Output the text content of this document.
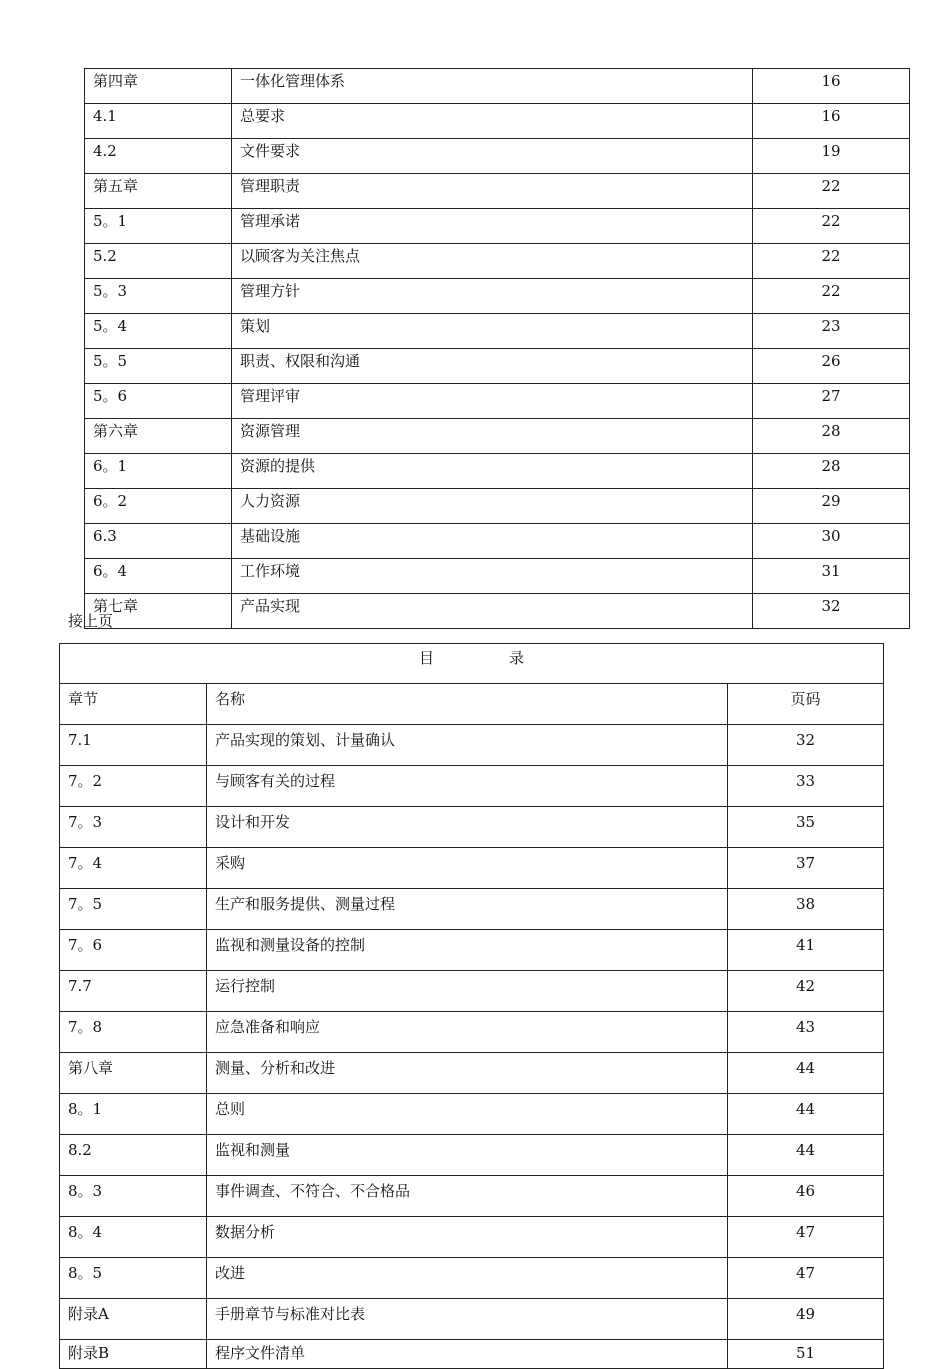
第四章	一体化管理体系	16
4.1	总要求	16
4.2	文件要求	19
第五章	管理职责	22
5。1	管理承诺	22
5.2	以顾客为关注焦点	22
5。3	管理方针	22
5。4	策划	23
5。5	职责、权限和沟通	26
5。6	管理评审	27
第六章	资源管理	28
6。1	资源的提供	28
6。2	人力资源	29
6.3	基础设施	30
6。4	工作环境	31
第七章	产品实现	32
接上页
目　　　　　录		
章节	名称	页码
7.1	产品实现的策划、计量确认	32
7。2	与顾客有关的过程	33
7。3	设计和开发	35
7。4	采购	37
7。5	生产和服务提供、测量过程	38
7。6	监视和测量设备的控制	41
7.7	运行控制	42
7。8	应急准备和响应	43
第八章	测量、分析和改进	44
8。1	总则	44
8.2	监视和测量	44
8。3	事件调查、不符合、不合格品	46
8。4	数据分析	47
8。5	改进	47
附录A	手册章节与标准对比表	49
附录B	程序文件清单	51
